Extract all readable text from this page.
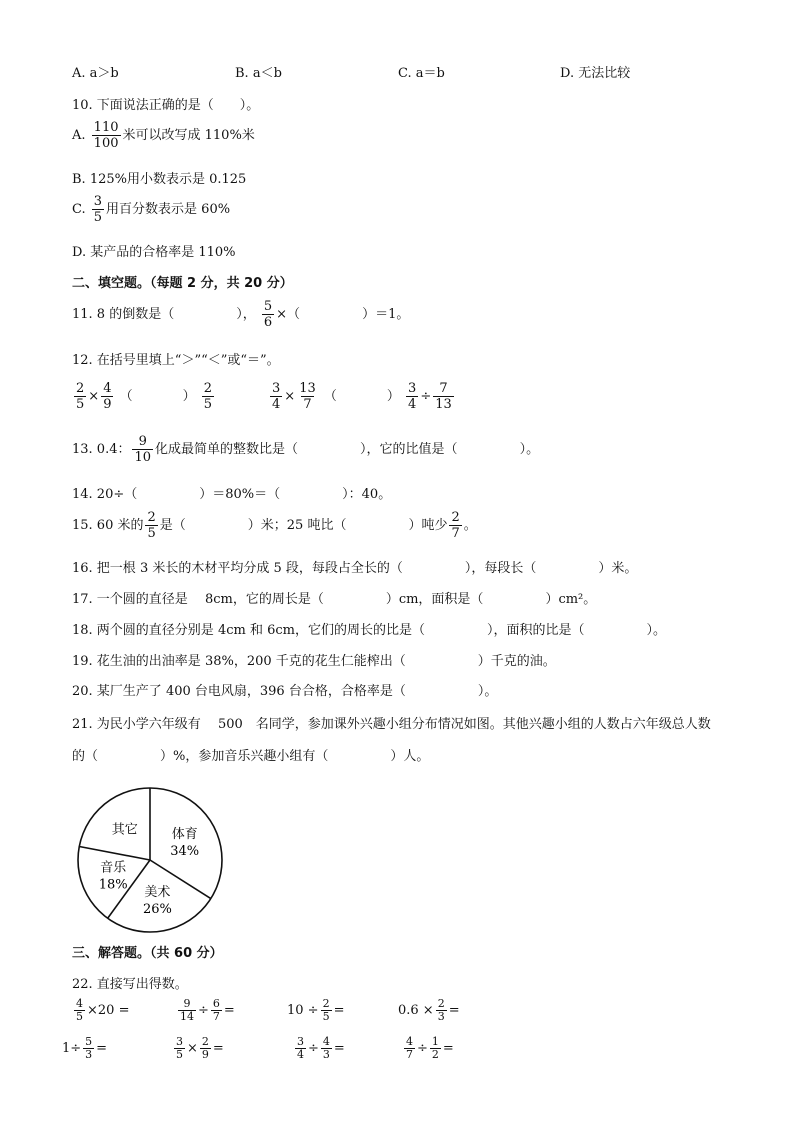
A. a＞b	B. a＜b	C. a＝b	D. 无法比较
10. 下面说法正确的是（　　）。
A. $\frac{110}{100}$ 米可以改写成 110%米
B. 125%用小数表示是 0.125
C. $\frac{3}{5}$ 用百分数表示是 60%
D. 某产品的合格率是 110%
二、填空题。（每题 2 分，共 20 分）
11. 8 的倒数是（	）， $\frac{5}{6}$ ×（	）＝1。
12. 在括号里填上“＞”“＜”或“＝”。
$\frac{2}{5} \times \frac{4}{9}$ （	） $\frac{2}{5}$	$\frac{3}{4} \times \frac{13}{7}$ （	） $\frac{3}{4} \div \frac{7}{13}$
13. 0.4： $\frac{9}{10}$ 化成最简单的整数比是（	），它的比值是（	）。
14. 20÷（	）＝80%＝（	）：40。
15. 60 米的 $\frac{2}{5}$ 是（	）米；25 吨比（	）吨少 $\frac{2}{7}$ 。
16. 把一根 3 米长的木材平均分成 5 段，每段占全长的（	），每段长（	）米。
17. 一个圆的直径是　 8cm，它的周长是（	）cm，面积是（	）cm²。
18. 两个圆的直径分别是 4cm 和 6cm，它们的周长的比是（	），面积的比是（	）。
19. 花生油的出油率是 38%，200 千克的花生仁能榨出（	）千克的油。
20. 某厂生产了 400 台电风扇，396 台合格，合格率是（	）。
21. 为民小学六年级有　 500　名同学，参加课外兴趣小组分布情况如图。其他兴趣小组的人数占六年级总人数
的（	）%，参加音乐兴趣小组有（	）人。
体育
34%
美术
26%
音乐
18%
其它
三、解答题。（共 60 分）
22. 直接写出得数。
$\frac{4}{5} \times 20$ =	$\frac{9}{14} \div \frac{6}{7}$ =	$10 \div \frac{2}{5}$ =	$0.6 \times \frac{2}{3}$ =
$1\div \frac{5}{3}$ =	$\frac{3}{5} \times \frac{2}{9}$ =	$\frac{3}{4} \div \frac{4}{3}$ =	$\frac{4}{7} \div \frac{1}{2}$ =
